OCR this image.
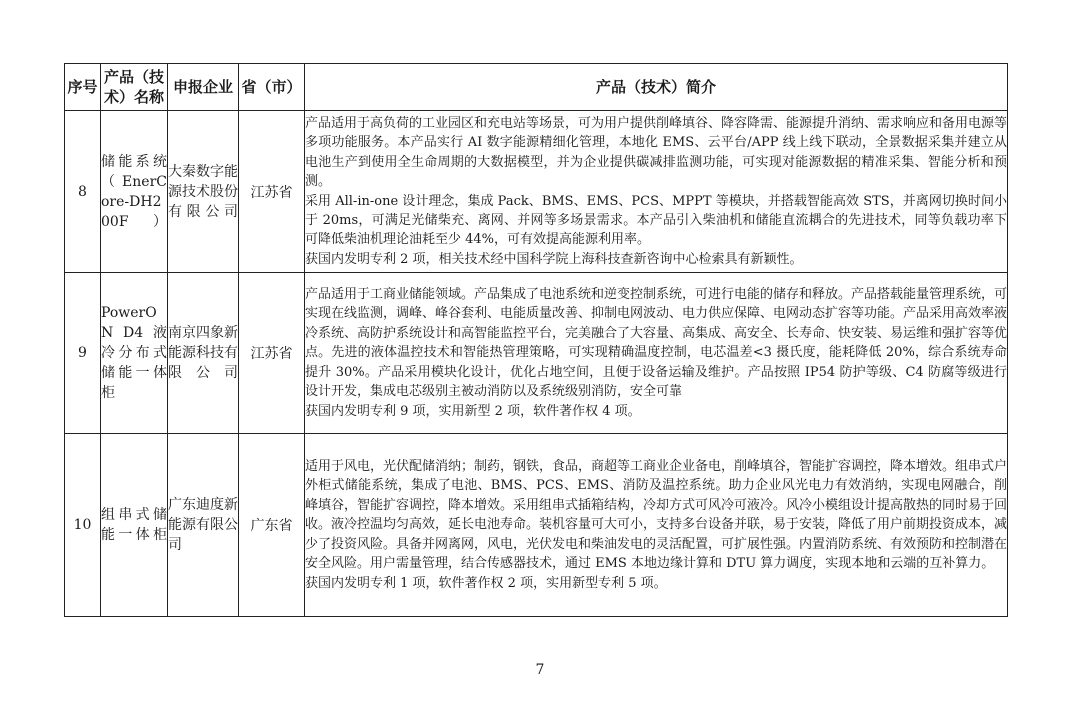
序号	产品（技术）名称	申报企业	省（市）	产品（技术）简介
8	储能系统（EnerCore-DH200F）	大秦数字能源技术股份有限公司	江苏省	产品适用于高负荷的工业园区和充电站等场景，可为用户提供削峰填谷、降容降需、能源提升消纳、需求响应和备用电源等多项功能服务。本产品实行 AI 数字能源精细化管理，本地化 EMS、云平台/APP 线上线下联动，全景数据采集并建立从电池生产到使用全生命周期的大数据模型，并为企业提供碳减排监测功能，可实现对能源数据的精准采集、智能分析和预测。

采用 All-in-one 设计理念，集成 Pack、BMS、EMS、PCS、MPPT 等模块，并搭载智能高效 STS，并离网切换时间小于 20ms，可满足光储柴充、离网、并网等多场景需求。本产品引入柴油机和储能直流耦合的先进技术，同等负载功率下可降低柴油机理论油耗至少 44%，可有效提高能源利用率。

获国内发明专利 2 项，相关技术经中国科学院上海科技查新咨询中心检索具有新颖性。

9	PowerON D4 液冷分布式储能一体柜	南京四象新能源科技有限公司	江苏省	产品适用于工商业储能领域。产品集成了电池系统和逆变控制系统，可进行电能的储存和释放。产品搭载能量管理系统，可实现在线监测，调峰、峰谷套利、电能质量改善、抑制电网波动、电力供应保障、电网动态扩容等功能。产品采用高效率液冷系统、高防护系统设计和高智能监控平台，完美融合了大容量、高集成、高安全、长寿命、快安装、易运维和强扩容等优点。先进的液体温控技术和智能热管理策略，可实现精确温度控制，电芯温差<3 摄氏度，能耗降低 20%，综合系统寿命提升 30%。产品采用模块化设计，优化占地空间，且便于设备运输及维护。产品按照 IP54 防护等级、C4 防腐等级进行设计开发，集成电芯级别主被动消防以及系统级别消防，安全可靠

获国内发明专利 9 项，实用新型 2 项，软件著作权 4 项。

10	组串式储能一体柜	广东迪度新能源有限公司	广东省	适用于风电，光伏配储消纳；制药，钢铁，食品，商超等工商业企业备电，削峰填谷，智能扩容调控，降本增效。组串式户外柜式储能系统，集成了电池、BMS、PCS、EMS、消防及温控系统。助力企业风光电力有效消纳，实现电网融合，削峰填谷，智能扩容调控，降本增效。采用组串式插箱结构，冷却方式可风冷可液冷。风冷小模组设计提高散热的同时易于回收。液冷控温均匀高效，延长电池寿命。装机容量可大可小，支持多台设备并联，易于安装，降低了用户前期投资成本，减少了投资风险。具备并网离网，风电，光伏发电和柴油发电的灵活配置，可扩展性强。内置消防系统、有效预防和控制潜在安全风险。用户需量管理，结合传感器技术，通过 EMS 本地边缘计算和 DTU 算力调度，实现本地和云端的互补算力。

获国内发明专利 1 项，软件著作权 2 项，实用新型专利 5 项。

7
